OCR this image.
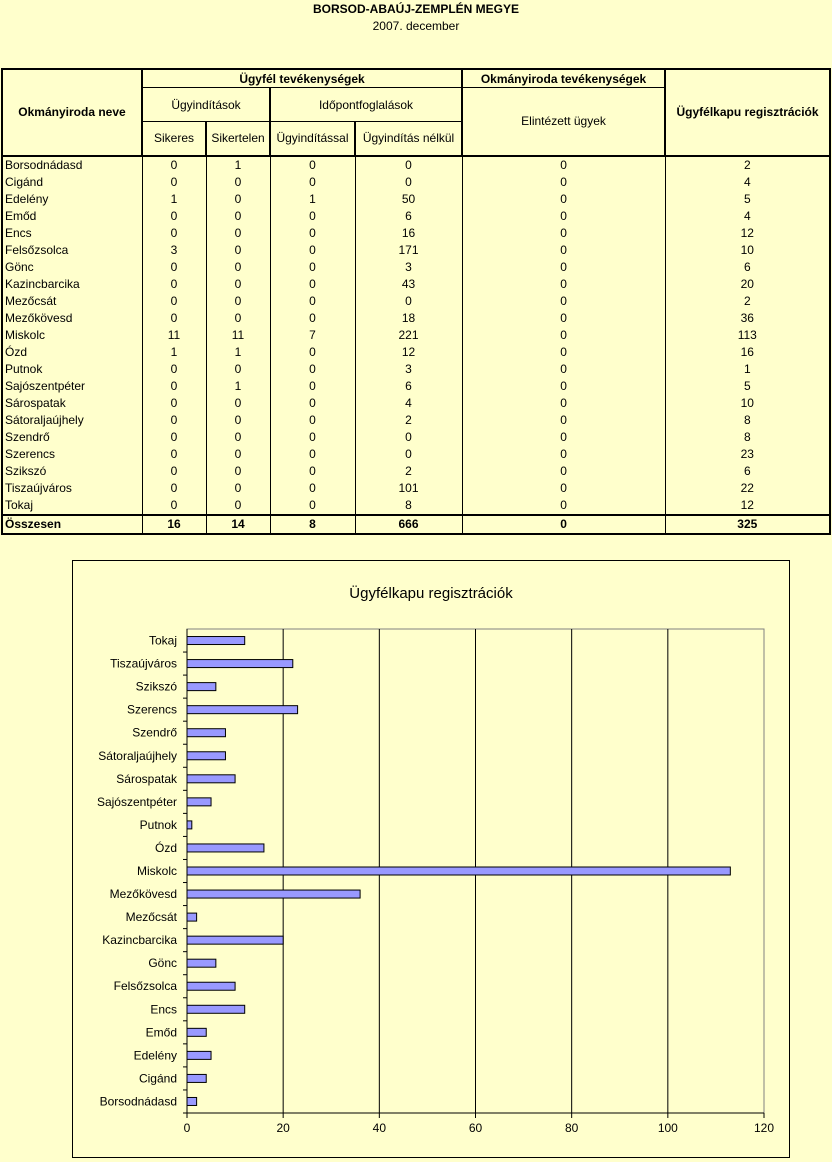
BORSOD-ABAÚJ-ZEMPLÉN MEGYE
2007. december
Okmányiroda neve	Ügyfél tevékenységek				Okmányiroda tevékenységek	Ügyfélkapu regisztrációk
	Ügyindítások		Időpontfoglalások		Elintézett ügyek	
	Sikeres	Sikertelen	Ügyindítással	Ügyindítás nélkül		
Borsodnádasd	0	1	0	0	0	2
Cigánd	0	0	0	0	0	4
Edelény	1	0	1	50	0	5
Emőd	0	0	0	6	0	4
Encs	0	0	0	16	0	12
Felsőzsolca	3	0	0	171	0	10
Gönc	0	0	0	3	0	6
Kazincbarcika	0	0	0	43	0	20
Mezőcsát	0	0	0	0	0	2
Mezőkövesd	0	0	0	18	0	36
Miskolc	11	11	7	221	0	113
Ózd	1	1	0	12	0	16
Putnok	0	0	0	3	0	1
Sajószentpéter	0	1	0	6	0	5
Sárospatak	0	0	0	4	0	10
Sátoraljaújhely	0	0	0	2	0	8
Szendrő	0	0	0	0	0	8
Szerencs	0	0	0	0	0	23
Szikszó	0	0	0	2	0	6
Tiszaújváros	0	0	0	101	0	22
Tokaj	0	0	0	8	0	12
Összesen	16	14	8	666	0	325
Ügyfélkapu regisztrációk
0	20	40	60	80	100	120
Borsodnádasd
Cigánd
Edelény
Emőd
Encs
Felsőzsolca
Gönc
Kazincbarcika
Mezőcsát
Mezőkövesd
Miskolc
Ózd
Putnok
Sajószentpéter
Sárospatak
Sátoraljaújhely
Szendrő
Szerencs
Szikszó
Tiszaújváros
Tokaj
